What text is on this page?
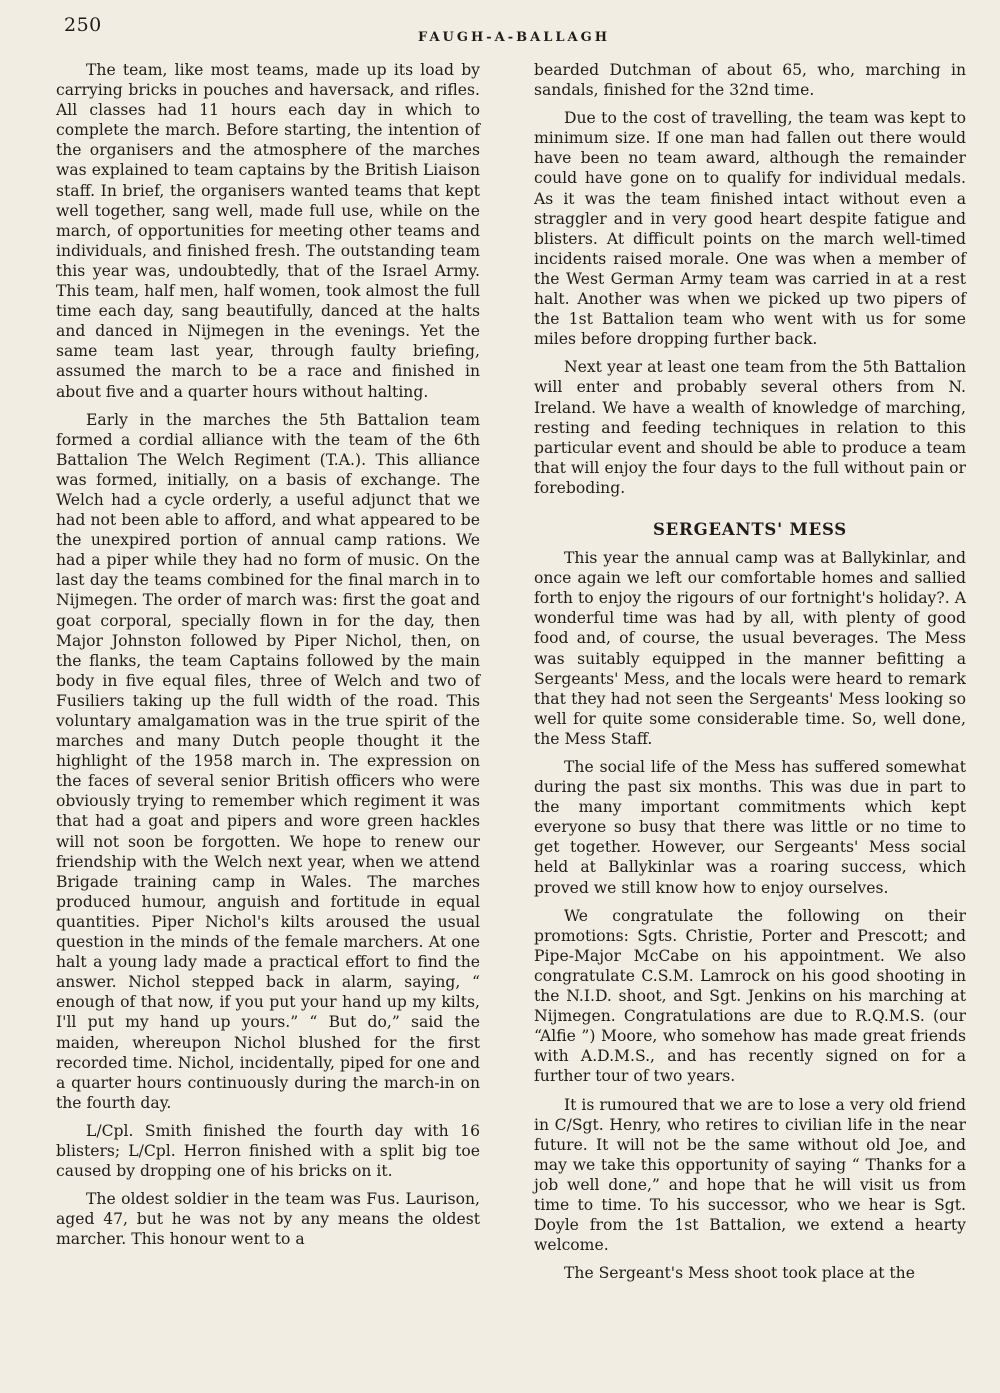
250
FAUGH-A-BALLAGH

The team, like most teams, made up its load by carrying bricks in pouches and haversack, and rifles. All classes had 11 hours each day in which to complete the march. Before starting, the intention of the organisers and the atmosphere of the marches was explained to team captains by the British Liaison staff. In brief, the organisers wanted teams that kept well together, sang well, made full use, while on the march, of opportunities for meeting other teams and individuals, and finished fresh. The outstanding team this year was, undoubtedly, that of the Israel Army. This team, half men, half women, took almost the full time each day, sang beautifully, danced at the halts and danced in Nijmegen in the evenings. Yet the same team last year, through faulty briefing, assumed the march to be a race and finished in about five and a quarter hours without halting.

Early in the marches the 5th Battalion team formed a cordial alliance with the team of the 6th Battalion The Welch Regiment (T.A.). This alliance was formed, initially, on a basis of exchange. The Welch had a cycle orderly, a useful adjunct that we had not been able to afford, and what appeared to be the unexpired portion of annual camp rations. We had a piper while they had no form of music. On the last day the teams combined for the final march in to Nijmegen. The order of march was: first the goat and goat corporal, specially flown in for the day, then Major Johnston followed by Piper Nichol, then, on the flanks, the team Captains followed by the main body in five equal files, three of Welch and two of Fusiliers taking up the full width of the road. This voluntary amalgamation was in the true spirit of the marches and many Dutch people thought it the highlight of the 1958 march in. The expression on the faces of several senior British officers who were obviously trying to remember which regiment it was that had a goat and pipers and wore green hackles will not soon be forgotten. We hope to renew our friendship with the Welch next year, when we attend Brigade training camp in Wales. The marches produced humour, anguish and fortitude in equal quantities. Piper Nichol's kilts aroused the usual question in the minds of the female marchers. At one halt a young lady made a practical effort to find the answer. Nichol stepped back in alarm, saying, “ enough of that now, if you put your hand up my kilts, I'll put my hand up yours.” “ But do,” said the maiden, whereupon Nichol blushed for the first recorded time. Nichol, incidentally, piped for one and a quarter hours continuously during the march-in on the fourth day.

L/Cpl. Smith finished the fourth day with 16 blisters; L/Cpl. Herron finished with a split big toe caused by dropping one of his bricks on it.

The oldest soldier in the team was Fus. Laurison, aged 47, but he was not by any means the oldest marcher. This honour went to a

bearded Dutchman of about 65, who, marching in sandals, finished for the 32nd time.

Due to the cost of travelling, the team was kept to minimum size. If one man had fallen out there would have been no team award, although the remainder could have gone on to qualify for individual medals. As it was the team finished intact without even a straggler and in very good heart despite fatigue and blisters. At difficult points on the march well-timed incidents raised morale. One was when a member of the West German Army team was carried in at a rest halt. Another was when we picked up two pipers of the 1st Battalion team who went with us for some miles before dropping further back.

Next year at least one team from the 5th Battalion will enter and probably several others from N. Ireland. We have a wealth of knowledge of marching, resting and feeding techniques in relation to this particular event and should be able to produce a team that will enjoy the four days to the full without pain or foreboding.

SERGEANTS' MESS

This year the annual camp was at Ballykinlar, and once again we left our comfortable homes and sallied forth to enjoy the rigours of our fortnight's holiday?. A wonderful time was had by all, with plenty of good food and, of course, the usual beverages. The Mess was suitably equipped in the manner befitting a Sergeants' Mess, and the locals were heard to remark that they had not seen the Sergeants' Mess looking so well for quite some considerable time. So, well done, the Mess Staff.

The social life of the Mess has suffered somewhat during the past six months. This was due in part to the many important commitments which kept everyone so busy that there was little or no time to get together. However, our Sergeants' Mess social held at Ballykinlar was a roaring success, which proved we still know how to enjoy ourselves.

We congratulate the following on their promotions: Sgts. Christie, Porter and Prescott; and Pipe-Major McCabe on his appointment. We also congratulate C.S.M. Lamrock on his good shooting in the N.I.D. shoot, and Sgt. Jenkins on his marching at Nijmegen. Congratulations are due to R.Q.M.S. (our “Alfie ”) Moore, who somehow has made great friends with A.D.M.S., and has recently signed on for a further tour of two years.

It is rumoured that we are to lose a very old friend in C/Sgt. Henry, who retires to civilian life in the near future. It will not be the same without old Joe, and may we take this opportunity of saying “ Thanks for a job well done,” and hope that he will visit us from time to time. To his successor, who we hear is Sgt. Doyle from the 1st Battalion, we extend a hearty welcome.

The Sergeant's Mess shoot took place at the
